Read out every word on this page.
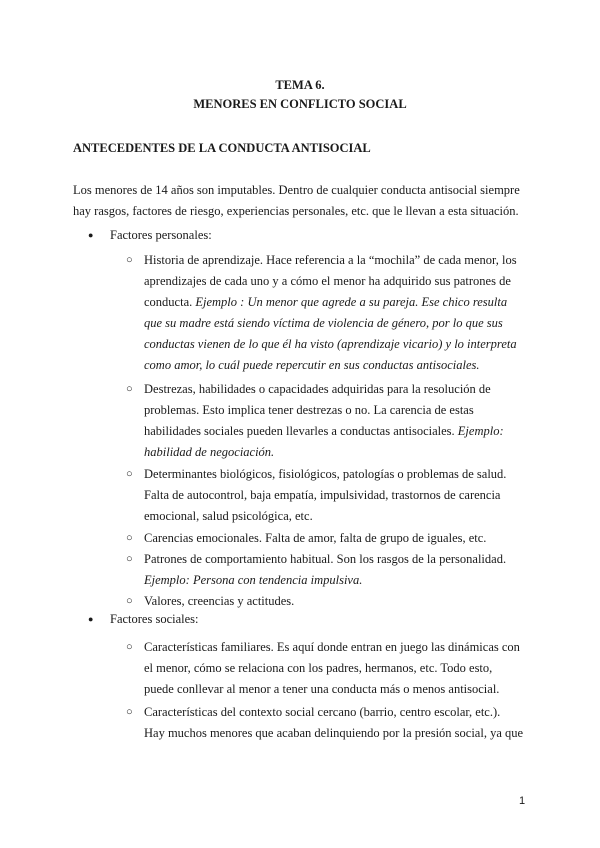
TEMA 6.
MENORES EN CONFLICTO SOCIAL
ANTECEDENTES DE LA CONDUCTA ANTISOCIAL
Los menores de 14 años son imputables. Dentro de cualquier conducta antisocial siempre hay rasgos, factores de riesgo, experiencias personales, etc. que le llevan a esta situación.
● Factores personales:
○ Historia de aprendizaje. Hace referencia a la “mochila” de cada menor, los aprendizajes de cada uno y a cómo el menor ha adquirido sus patrones de conducta. Ejemplo : Un menor que agrede a su pareja. Ese chico resulta que su madre está siendo víctima de violencia de género, por lo que sus conductas vienen de lo que él ha visto (aprendizaje vicario) y lo interpreta como amor, lo cuál puede repercutir en sus conductas antisociales.
○ Destrezas, habilidades o capacidades adquiridas para la resolución de problemas. Esto implica tener destrezas o no. La carencia de estas habilidades sociales pueden llevarles a conductas antisociales. Ejemplo: habilidad de negociación.
○ Determinantes biológicos, fisiológicos, patologías o problemas de salud. Falta de autocontrol, baja empatía, impulsividad, trastornos de carencia emocional, salud psicológica, etc.
○ Carencias emocionales. Falta de amor, falta de grupo de iguales, etc.
○ Patrones de comportamiento habitual. Son los rasgos de la personalidad. Ejemplo: Persona con tendencia impulsiva.
○ Valores, creencias y actitudes.
● Factores sociales:
○ Características familiares. Es aquí donde entran en juego las dinámicas con el menor, cómo se relaciona con los padres, hermanos, etc. Todo esto, puede conllevar al menor a tener una conducta más o menos antisocial.
○ Características del contexto social cercano (barrio, centro escolar, etc.). Hay muchos menores que acaban delinquiendo por la presión social, ya que
1
